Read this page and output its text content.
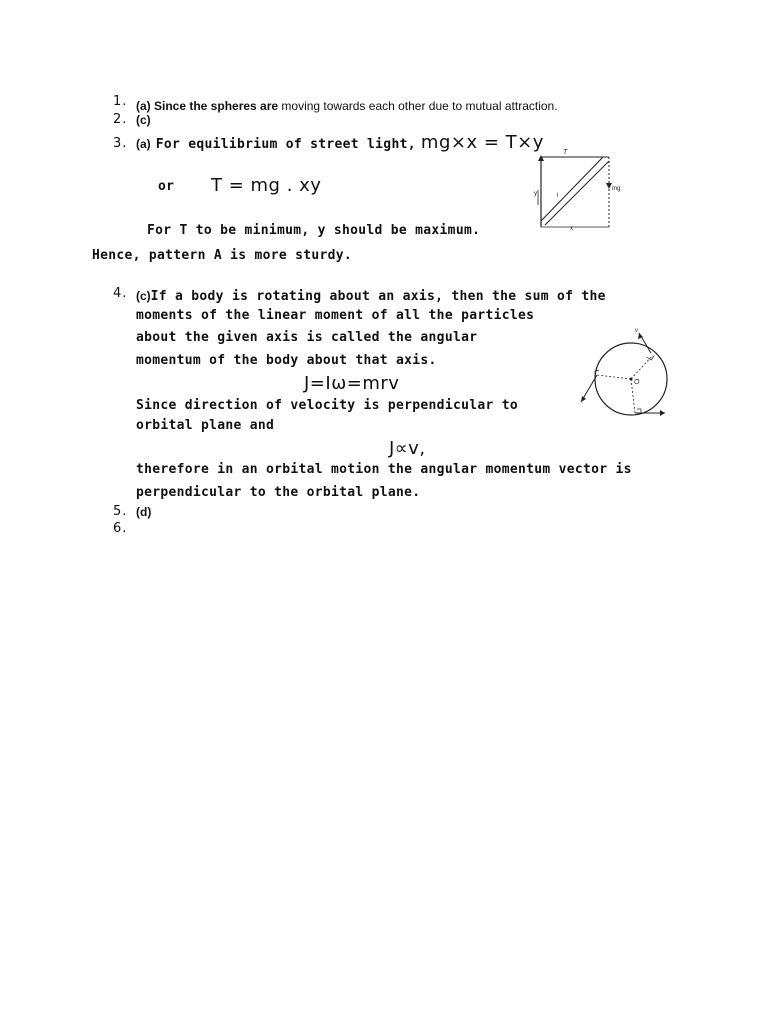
1.
2.
3.
4.
5.
6.
(a) Since the spheres are moving towards each other due to mutual attraction.
(c)
(a) For equilibrium of street light, mg×x = T×y
or T = mg . xy
For T to be minimum, y should be maximum.
Hence, pattern A is more sturdy.
T
mg
y	l
x
(c)If a body is rotating about an axis, then the sum of the
moments of the linear moment of all the particles
about the given axis is called the angular
momentum of the body about that axis.
J=Iω=mrv
Since direction of velocity is perpendicular to
orbital plane and
J∝v,
therefore in an orbital motion the angular momentum vector is
perpendicular to the orbital plane.
O
v
(d)
